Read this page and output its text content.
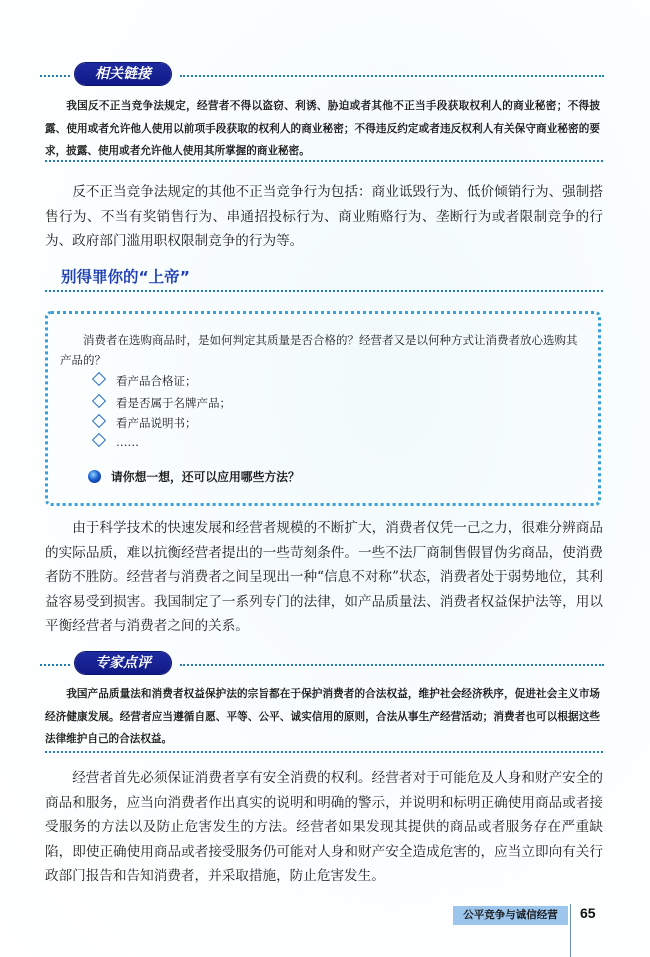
相关链接
我国反不正当竞争法规定，经营者不得以盗窃、利诱、胁迫或者其他不正当手段获取权利人的商业秘密；不得披露、使用或者允许他人使用以前项手段获取的权利人的商业秘密；不得违反约定或者违反权利人有关保守商业秘密的要求，披露、使用或者允许他人使用其所掌握的商业秘密。
反不正当竞争法规定的其他不正当竞争行为包括：商业诋毁行为、低价倾销行为、强制搭售行为、不当有奖销售行为、串通招投标行为、商业贿赂行为、垄断行为或者限制竞争的行为、政府部门滥用职权限制竞争的行为等。
别得罪你的“上帝”
消费者在选购商品时，是如何判定其质量是否合格的？经营者又是以何种方式让消费者放心选购其产品的？
看产品合格证；
看是否属于名牌产品；
看产品说明书；
……
请你想一想，还可以应用哪些方法？
由于科学技术的快速发展和经营者规模的不断扩大，消费者仅凭一己之力，很难分辨商品的实际品质，难以抗衡经营者提出的一些苛刻条件。一些不法厂商制售假冒伪劣商品，使消费者防不胜防。经营者与消费者之间呈现出一种“信息不对称”状态，消费者处于弱势地位，其利益容易受到损害。我国制定了一系列专门的法律，如产品质量法、消费者权益保护法等，用以平衡经营者与消费者之间的关系。
专家点评
我国产品质量法和消费者权益保护法的宗旨都在于保护消费者的合法权益，维护社会经济秩序，促进社会主义市场经济健康发展。经营者应当遵循自愿、平等、公平、诚实信用的原则，合法从事生产经营活动；消费者也可以根据这些法律维护自己的合法权益。
经营者首先必须保证消费者享有安全消费的权利。经营者对于可能危及人身和财产安全的商品和服务，应当向消费者作出真实的说明和明确的警示，并说明和标明正确使用商品或者接受服务的方法以及防止危害发生的方法。经营者如果发现其提供的商品或者服务存在严重缺陷，即使正确使用商品或者接受服务仍可能对人身和财产安全造成危害的，应当立即向有关行政部门报告和告知消费者，并采取措施，防止危害发生。
公平竞争与诚信经营	65
